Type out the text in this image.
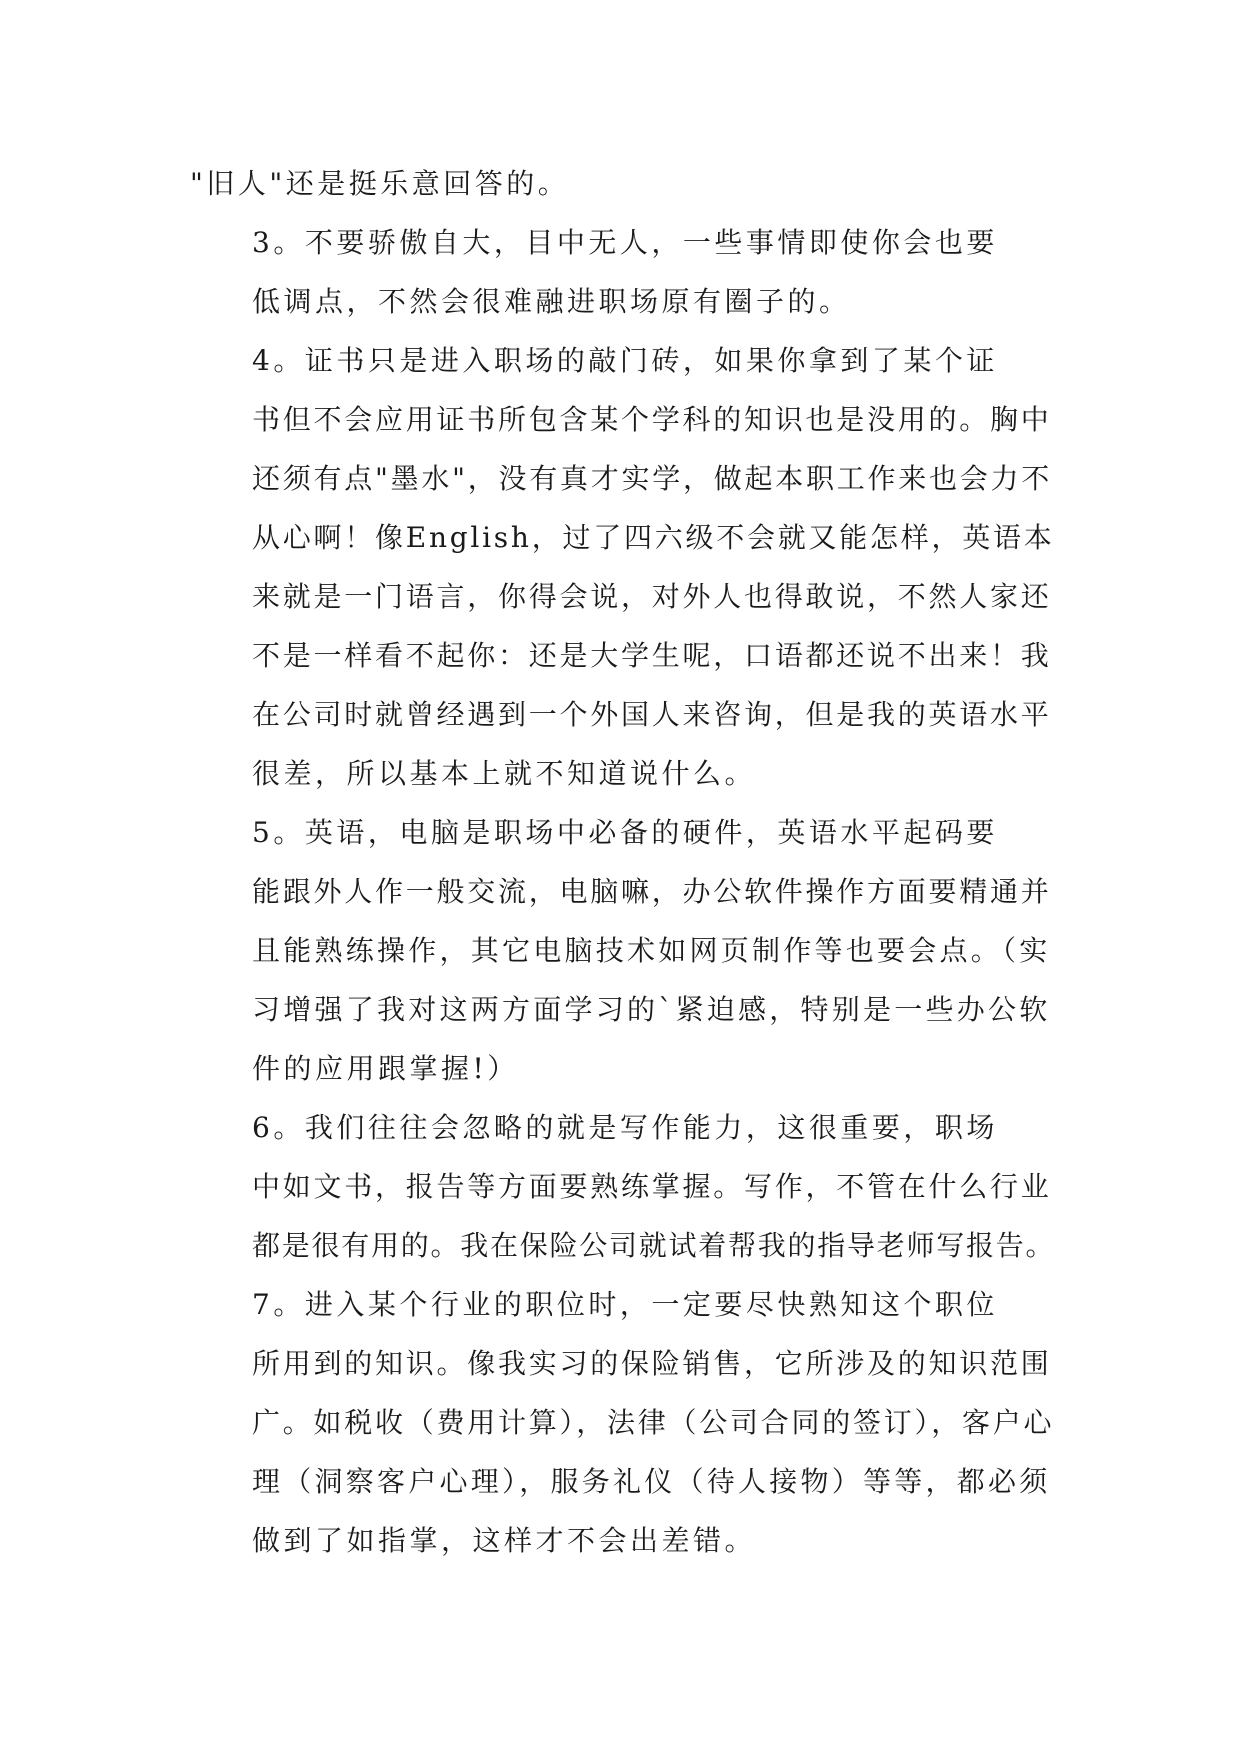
"旧人"还是挺乐意回答的。

3。不要骄傲自大，目中无人，一些事情即使你会也要
低调点，不然会很难融进职场原有圈子的。

4。证书只是进入职场的敲门砖，如果你拿到了某个证
书但不会应用证书所包含某个学科的知识也是没用的。胸中
还须有点"墨水"，没有真才实学，做起本职工作来也会力不
从心啊！像English，过了四六级不会就又能怎样，英语本
来就是一门语言，你得会说，对外人也得敢说，不然人家还
不是一样看不起你：还是大学生呢，口语都还说不出来！我
在公司时就曾经遇到一个外国人来咨询，但是我的英语水平
很差，所以基本上就不知道说什么。

5。英语，电脑是职场中必备的硬件，英语水平起码要
能跟外人作一般交流，电脑嘛，办公软件操作方面要精通并
且能熟练操作，其它电脑技术如网页制作等也要会点。（实
习增强了我对这两方面学习的`紧迫感，特别是一些办公软
件的应用跟掌握!）

6。我们往往会忽略的就是写作能力，这很重要，职场
中如文书，报告等方面要熟练掌握。写作，不管在什么行业
都是很有用的。我在保险公司就试着帮我的指导老师写报告。

7。进入某个行业的职位时，一定要尽快熟知这个职位
所用到的知识。像我实习的保险销售，它所涉及的知识范围
广。如税收（费用计算），法律（公司合同的签订），客户心
理（洞察客户心理），服务礼仪（待人接物）等等，都必须
做到了如指掌，这样才不会出差错。
